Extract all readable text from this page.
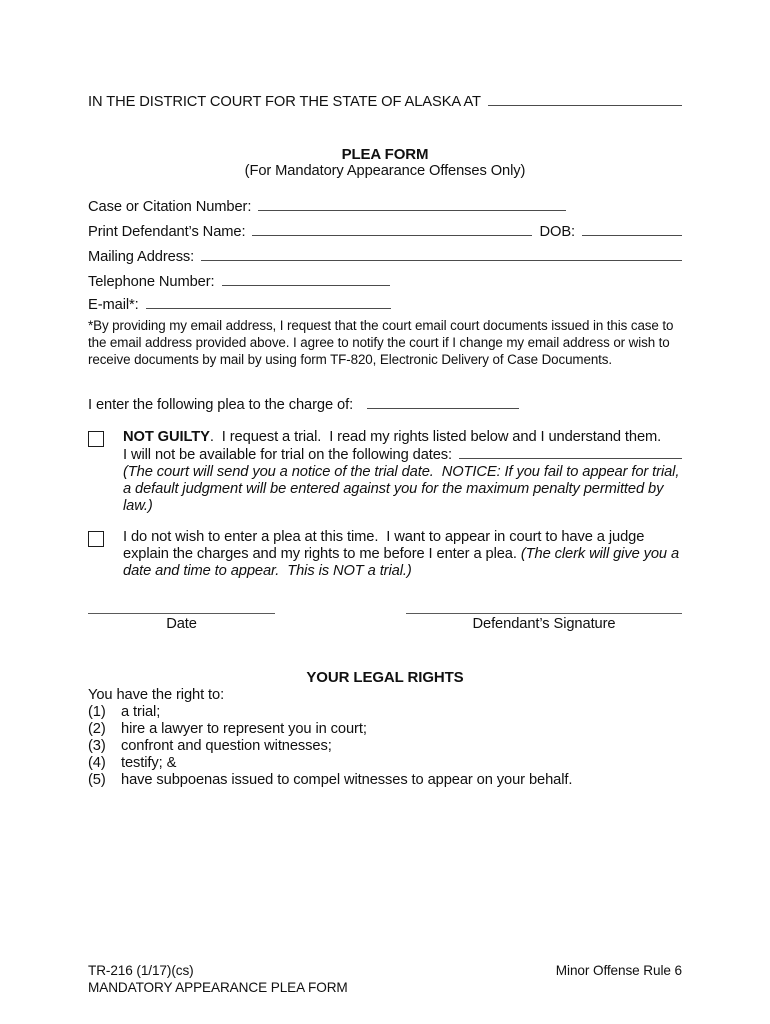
IN THE DISTRICT COURT FOR THE STATE OF ALASKA AT
PLEA FORM
(For Mandatory Appearance Offenses Only)
Case or Citation Number:
Print Defendant’s Name:	DOB:
Mailing Address:
Telephone Number:
E-mail*:
*By providing my email address, I request that the court email court documents issued in this case to the email address provided above. I agree to notify the court if I change my email address or wish to receive documents by mail by using form TF-820, Electronic Delivery of Case Documents.
I enter the following plea to the charge of:
NOT GUILTY.  I request a trial.  I read my rights listed below and I understand them.
I will not be available for trial on the following dates:
(The court will send you a notice of the trial date.  NOTICE: If you fail to appear for trial, a default judgment will be entered against you for the maximum penalty permitted by law.)
I do not wish to enter a plea at this time.  I want to appear in court to have a judge explain the charges and my rights to me before I enter a plea. (The clerk will give you a date and time to appear.  This is NOT a trial.)
Date	Defendant’s Signature
YOUR LEGAL RIGHTS
You have the right to:
(1)	a trial;
(2)	hire a lawyer to represent you in court;
(3)	confront and question witnesses;
(4)	testify; &
(5)	have subpoenas issued to compel witnesses to appear on your behalf.
TR-216 (1/17)(cs)
MANDATORY APPEARANCE PLEA FORM
Minor Offense Rule 6
